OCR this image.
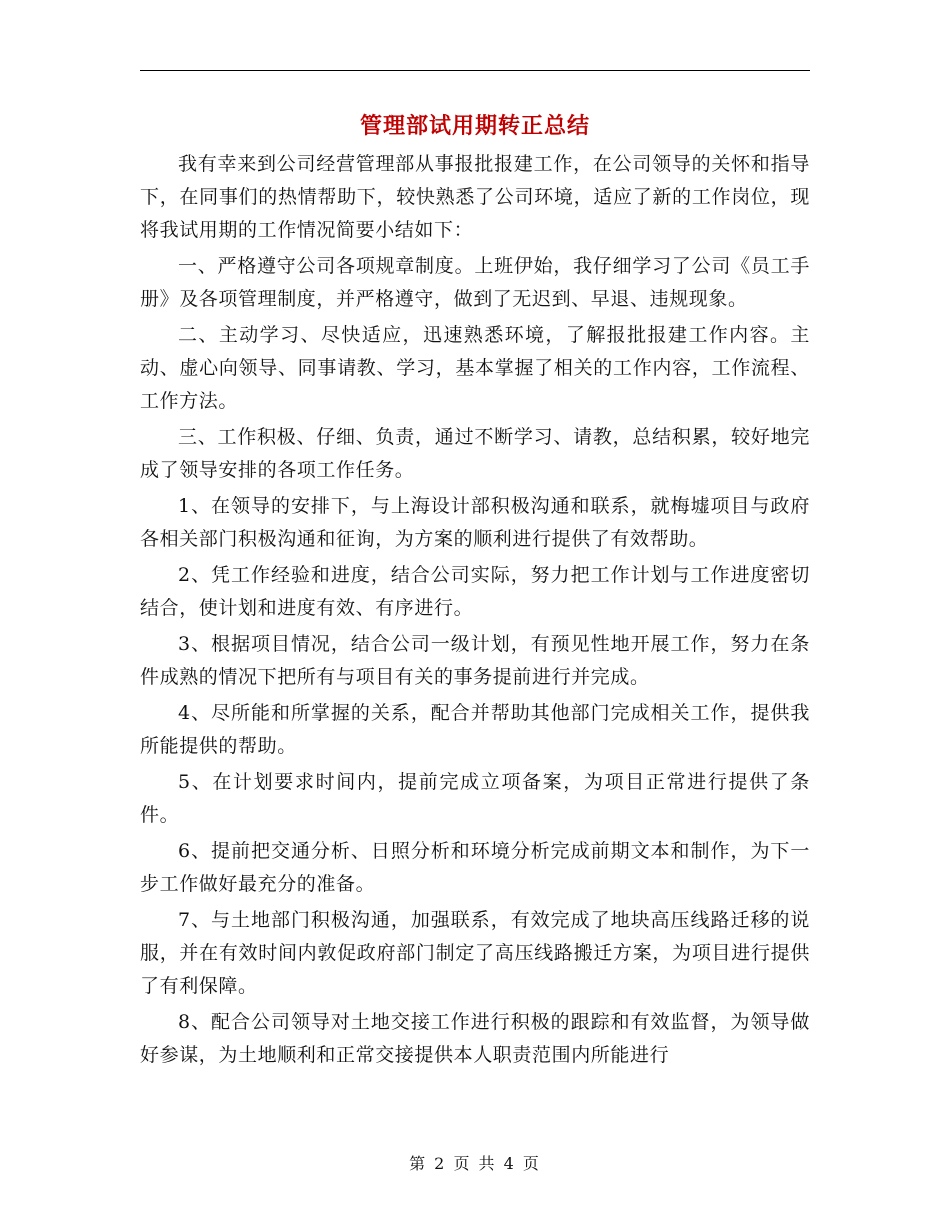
管理部试用期转正总结

我有幸来到公司经营管理部从事报批报建工作，在公司领导的关怀和指导下，在同事们的热情帮助下，较快熟悉了公司环境，适应了新的工作岗位，现将我试用期的工作情况简要小结如下：

一、严格遵守公司各项规章制度。上班伊始，我仔细学习了公司《员工手册》及各项管理制度，并严格遵守，做到了无迟到、早退、违规现象。

二、主动学习、尽快适应，迅速熟悉环境，了解报批报建工作内容。主动、虚心向领导、同事请教、学习，基本掌握了相关的工作内容，工作流程、工作方法。

三、工作积极、仔细、负责，通过不断学习、请教，总结积累，较好地完成了领导安排的各项工作任务。

1、在领导的安排下，与上海设计部积极沟通和联系，就梅墟项目与政府各相关部门积极沟通和征询，为方案的顺利进行提供了有效帮助。

2、凭工作经验和进度，结合公司实际，努力把工作计划与工作进度密切结合，使计划和进度有效、有序进行。

3、根据项目情况，结合公司一级计划，有预见性地开展工作，努力在条件成熟的情况下把所有与项目有关的事务提前进行并完成。

4、尽所能和所掌握的关系，配合并帮助其他部门完成相关工作，提供我所能提供的帮助。

5、在计划要求时间内，提前完成立项备案，为项目正常进行提供了条件。

6、提前把交通分析、日照分析和环境分析完成前期文本和制作，为下一步工作做好最充分的准备。

7、与土地部门积极沟通，加强联系，有效完成了地块高压线路迁移的说服，并在有效时间内敦促政府部门制定了高压线路搬迁方案，为项目进行提供了有利保障。

8、配合公司领导对土地交接工作进行积极的跟踪和有效监督，为领导做好参谋，为土地顺利和正常交接提供本人职责范围内所能进行

第 2 页 共 4 页
